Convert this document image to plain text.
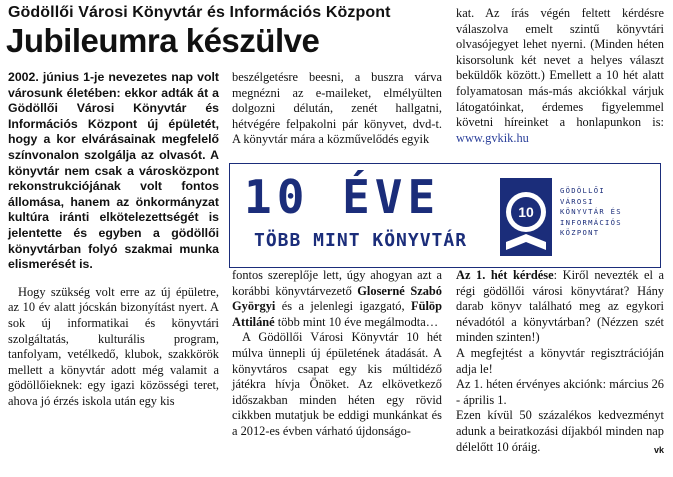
Gödöllői Városi Könyvtár és Információs Központ
Jubileumra készülve

2002. június 1-je nevezetes nap volt városunk életében: ekkor adták át a Gödöllői Városi Könyvtár és Információs Központ új épületét, hogy a kor elvárásainak megfelelő színvonalon szolgálja az olvasót. A könyvtár nem csak a városközpont rekonstrukciójának volt fontos állomása, hanem az önkormányzat kultúra iránti elkötelezettségét is jelentette és egyben a gödöllői könyvtárban folyó szakmai munka elismerését is.

Hogy szükség volt erre az új épületre, az 10 év alatt jócskán bizonyítást nyert. A sok új informatikai és könyvtári szolgáltatás, kulturális program, tanfolyam, vetélkedő, klubok, szakkörök mellett a könyvtár adott még valamit a gödöllőieknek: egy igazi közösségi teret, ahova jó érzés iskola után egy kis

beszélgetésre beesni, a buszra várva megnézni az e-maileket, elmélyülten dolgozni délután, zenét hallgatni, hétvégére felpakolni pár könyvet, dvd-t. A könyvtár mára a közművelődés egyik

kat. Az írás végén feltett kérdésre válaszolva emelt szintű könyvtári olvasójegyet lehet nyerni. (Minden héten kisorsolunk két nevet a helyes választ beküldők között.) Emellett a 10 hét alatt folyamatosan más-más akciókkal várjuk látogatóinkat, érdemes figyelemmel követni híreinket a honlapunkon is: www.gvkik.hu

10 ÉVE
TÖBB MINT KÖNYVTÁR
10
GÖDÖLLŐI
VÁROSI
KÖNYVTÁR ÉS
INFORMÁCIÓS
KÖZPONT

fontos szereplője lett, úgy ahogyan azt a korábbi könyvtárvezető Gloserné Szabó Györgyi és a jelenlegi igazgató, Fülöp Attiláné több mint 10 éve megálmodta…

A Gödöllői Városi Könyvtár 10 hét múlva ünnepli új épületének átadását. A könyvtáros csapat egy kis múltidéző játékra hívja Önöket. Az elkövetkező időszakban minden héten egy rövid cikkben mutatjuk be eddigi munkánkat és a 2012-es évben várható újdonságo-

Az 1. hét kérdése: Kiről nevezték el a régi gödöllői városi könyvtárat? Hány darab könyv található meg az egykori névadótól a könyvtárban? (Nézzen szét minden szinten!)

A megfejtést a könyvtár regisztrációján adja le!

Az 1. héten érvényes akciónk: március 26 - április 1.

Ezen kívül 50 százalékos kedvezményt adunk a beiratkozási díjakból minden nap délelőtt 10 óráig.	vk
